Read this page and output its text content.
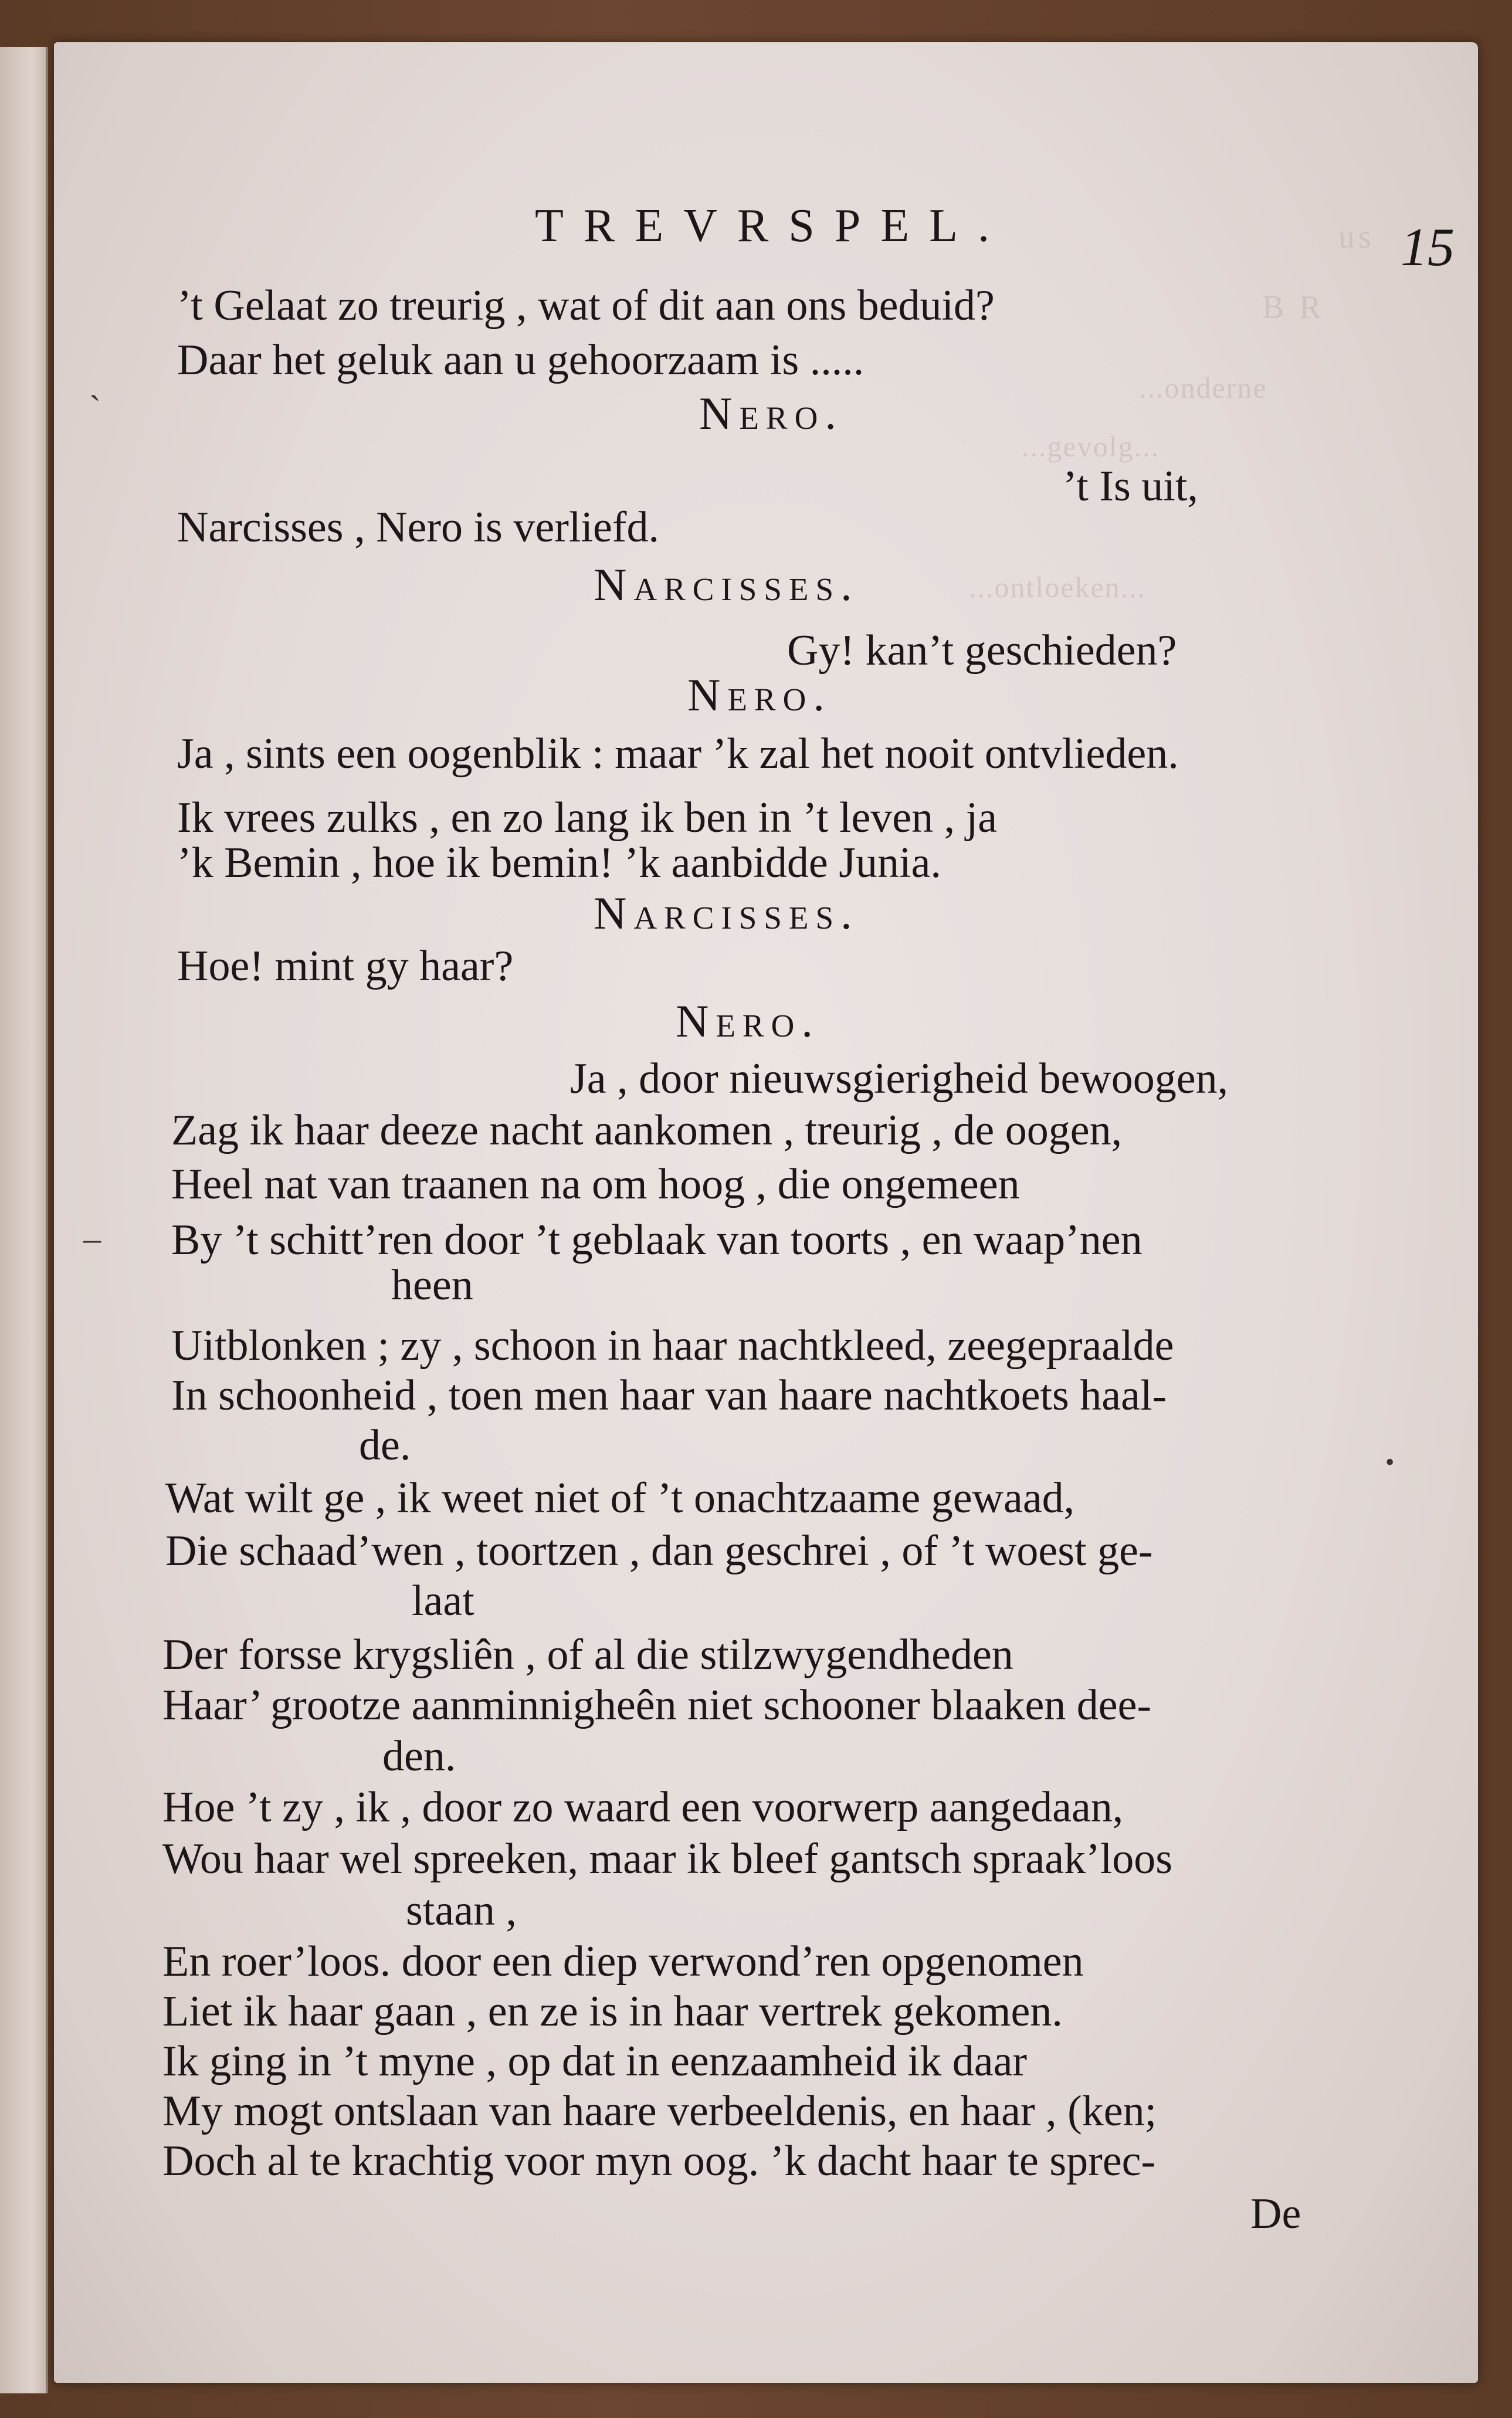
us
B R
...onderne
...gevolg...
...ontloeken...
TREVRSPEL.	15
’t Gelaat zo treurig , wat of dit aan ons beduid?
Daar het geluk aan u gehoorzaam is .....
Nero.
’t Is uit,
Narcisses , Nero is verliefd.
Narcisses.
Gy! kan’t geschieden?
Nero.
Ja , sints een oogenblik : maar ’k zal het nooit ontvlieden.
Ik vrees zulks , en zo lang ik ben in ’t leven , ja
’k Bemin , hoe ik bemin! ’k aanbidde Junia.
Narcisses.
Hoe! mint gy haar?
Nero.
Ja , door nieuwsgierigheid bewoogen,
Zag ik haar deeze nacht aankomen , treurig , de oogen,
Heel nat van traanen na om hoog , die ongemeen
By ’t schitt’ren door ’t geblaak van toorts , en waap’nen
heen
Uitblonken ; zy , schoon in haar nachtkleed, zeegepraalde
In schoonheid , toen men haar van haare nachtkoets haal-
de.
Wat wilt ge , ik weet niet of ’t onachtzaame gewaad,
Die schaad’wen , toortzen , dan geschrei , of ’t woest ge-
laat
Der forsse krygsliên , of al die stilzwygendheden
Haar’ grootze aanminnigheên niet schooner blaaken dee-
den.
Hoe ’t zy , ik , door zo waard een voorwerp aangedaan,
Wou haar wel spreeken, maar ik bleef gantsch spraak’loos
staan ,
En roer’loos. door een diep verwond’ren opgenomen
Liet ik haar gaan , en ze is in haar vertrek gekomen.
Ik ging in ’t myne , op dat in eenzaamheid ik daar
My mogt ontslaan van haare verbeeldenis, en haar , (ken;
Doch al te krachtig voor myn oog. ’k dacht haar te sprec-
De
ˋ
–
•
